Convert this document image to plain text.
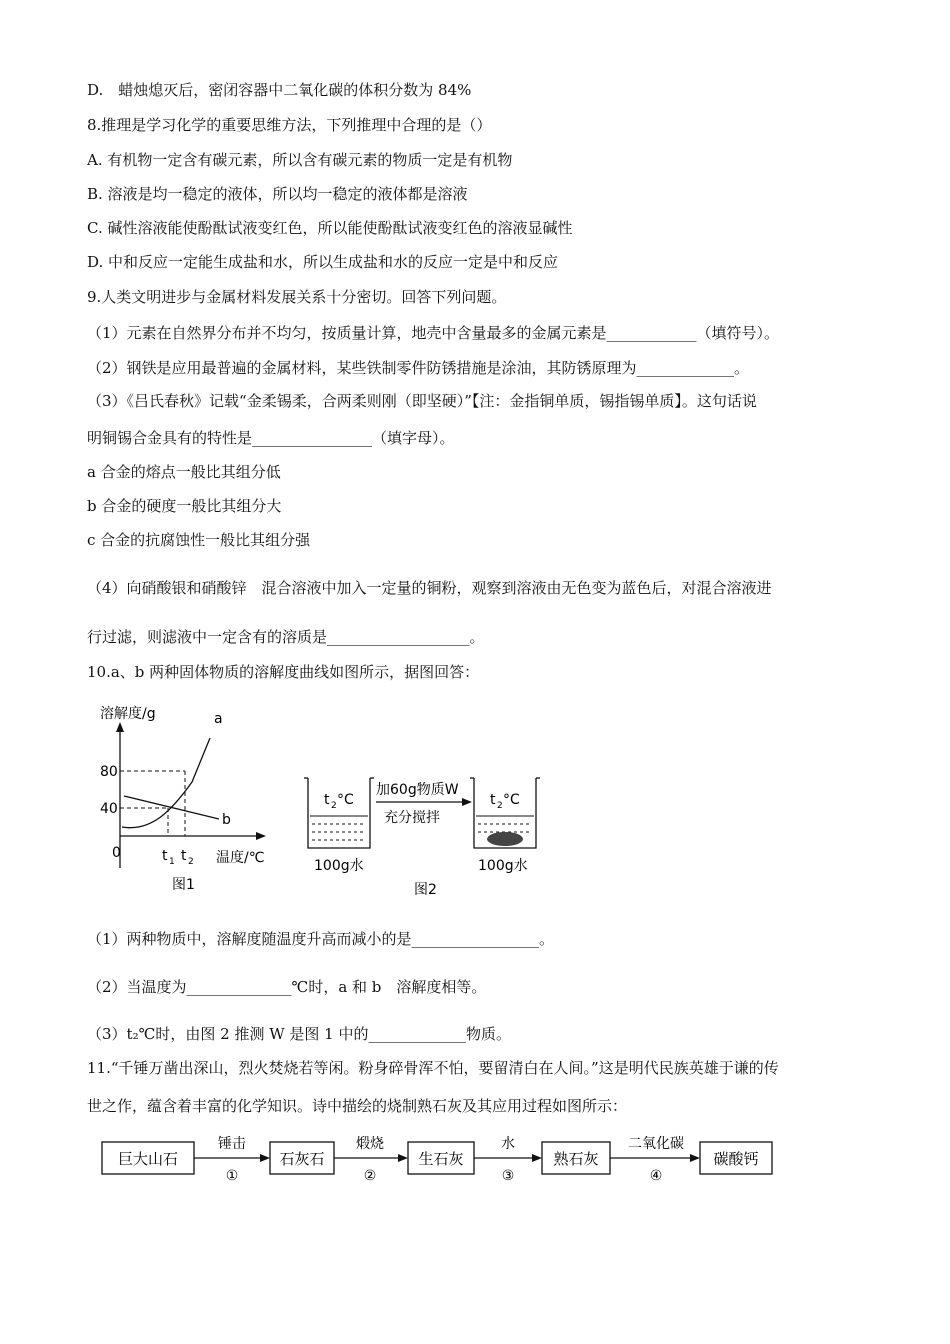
D.　蜡烛熄灭后，密闭容器中二氧化碳的体积分数为 84%
8.推理是学习化学的重要思维方法，下列推理中合理的是（）
A. 有机物一定含有碳元素，所以含有碳元素的物质一定是有机物
B. 溶液是均一稳定的液体，所以均一稳定的液体都是溶液
C. 碱性溶液能使酚酞试液变红色，所以能使酚酞试液变红色的溶液显碱性
D. 中和反应一定能生成盐和水，所以生成盐和水的反应一定是中和反应
9.人类文明进步与金属材料发展关系十分密切。回答下列问题。
（1）元素在自然界分布并不均匀，按质量计算，地壳中含量最多的金属元素是____________（填符号）。
（2）钢铁是应用最普遍的金属材料，某些铁制零件防锈措施是涂油，其防锈原理为_____________。
（3）《吕氏春秋》记载“金柔锡柔，合两柔则刚（即坚硬）”【注：金指铜单质，锡指锡单质】。这句话说
明铜锡合金具有的特性是________________（填字母）。
a 合金的熔点一般比其组分低
b 合金的硬度一般比其组分大
c 合金的抗腐蚀性一般比其组分强
（4）向硝酸银和硝酸锌　混合溶液中加入一定量的铜粉，观察到溶液由无色变为蓝色后，对混合溶液进
行过滤，则滤液中一定含有的溶质是___________________。
10.a、b 两种固体物质的溶解度曲线如图所示，据图回答：
溶解度/g	a
b
80
40
0	t 1 t 2 温度/℃
图1
t 2 °C
100g水
加60g物质W
充分搅拌
t 2 °C
100g水
图2
（1）两种物质中，溶解度随温度升高而减小的是_________________。
（2）当温度为______________℃时，a 和 b　溶解度相等。
（3）t₂℃时，由图 2 推测 W 是图 1 中的_____________物质。
11.“千锤万凿出深山，烈火焚烧若等闲。粉身碎骨浑不怕，要留清白在人间。”这是明代民族英雄于谦的传
世之作，蕴含着丰富的化学知识。诗中描绘的烧制熟石灰及其应用过程如图所示：
巨大山石
锤击
①
石灰石
煅烧
②
生石灰
水
③
熟石灰
二氧化碳
④
碳酸钙
